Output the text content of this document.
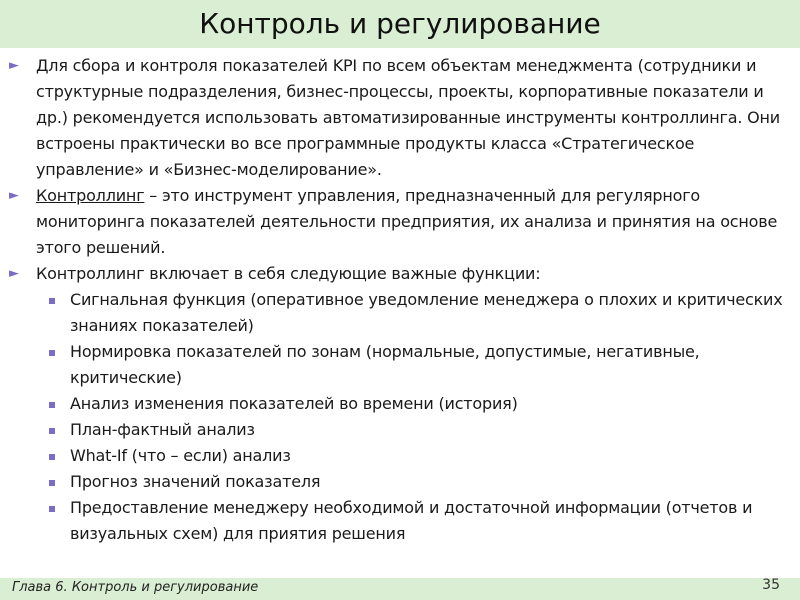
Контроль и регулирование
► Для сбора и контроля показателей KPI по всем объектам менеджмента (сотрудники и структурные подразделения, бизнес-процессы, проекты, корпоративные показатели и др.) рекомендуется использовать автоматизированные инструменты контроллинга. Они встроены практически во все программные продукты класса «Стратегическое управление» и «Бизнес-моделирование».
► Контроллинг – это инструмент управления, предназначенный для регулярного мониторинга показателей деятельности предприятия, их анализа и принятия на основе этого решений.
► Контроллинг включает в себя следующие важные функции:
Сигнальная функция (оперативное уведомление менеджера о плохих и критических знаниях показателей)
Нормировка показателей по зонам (нормальные, допустимые, негативные, критические)
Анализ изменения показателей во времени (история)
План-фактный анализ
What-If (что – если) анализ
Прогноз значений показателя
Предоставление менеджеру необходимой и достаточной информации (отчетов и визуальных схем) для приятия решения
Глава 6. Контроль и регулирование	35
